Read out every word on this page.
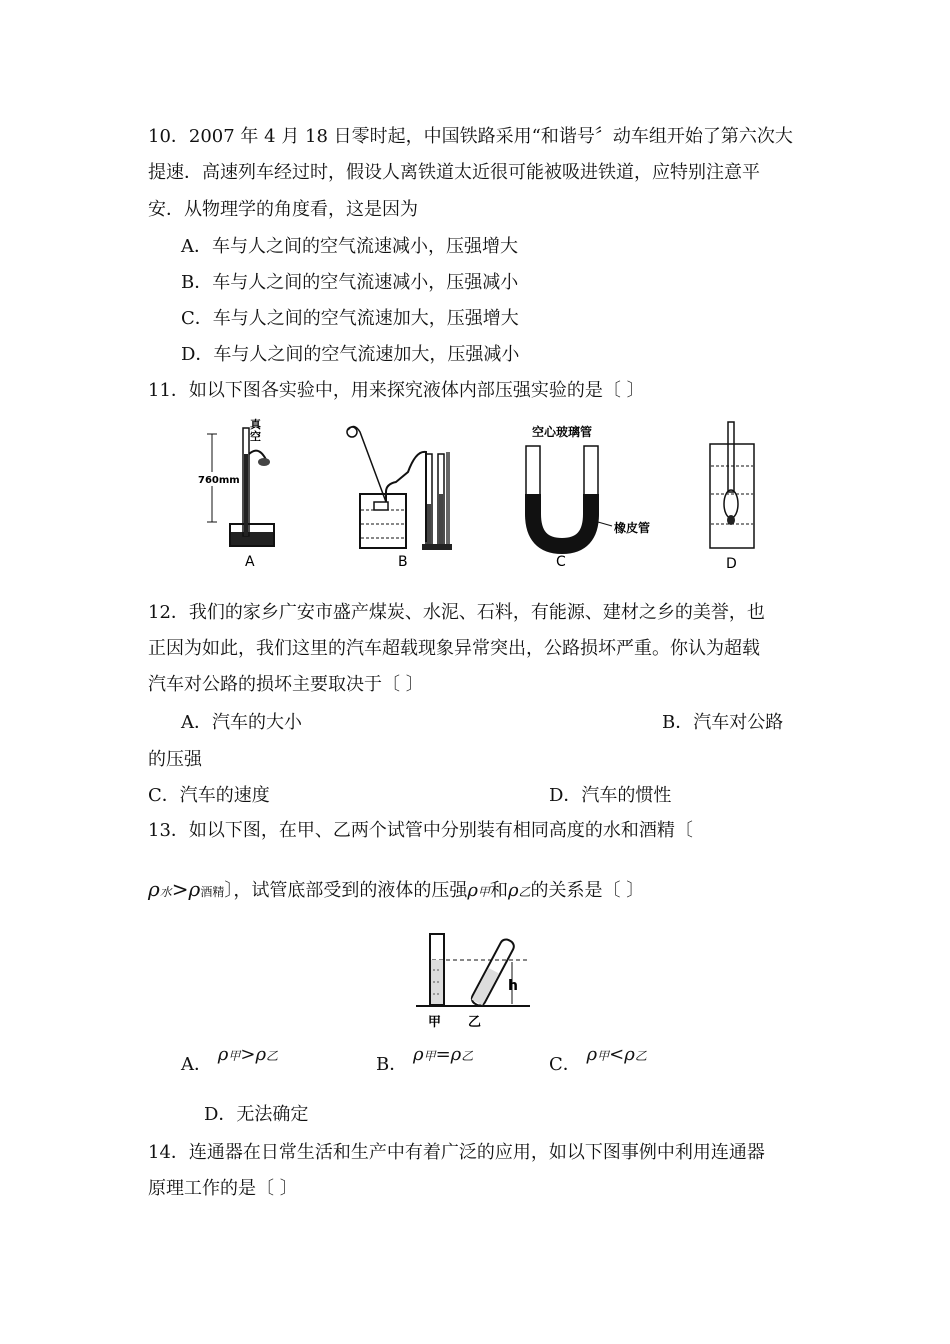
10．2007 年 4 月 18 日零时起，中国铁路采用“和谐号〞动车组开始了第六次大
提速．高速列车经过时，假设人离铁道太近很可能被吸进铁道，应特别注意平
安．从物理学的角度看，这是因为
A．车与人之间的空气流速减小，压强增大
B．车与人之间的空气流速减小，压强减小
C．车与人之间的空气流速加大，压强增大
D．车与人之间的空气流速加大，压强减小
11．如以下图各实验中，用来探究液体内部压强实验的是〔 〕
真
空
760mm
A	B
空心玻璃管
橡皮管
C	D
12．我们的家乡广安市盛产煤炭、水泥、石料，有能源、建材之乡的美誉，也
正因为如此，我们这里的汽车超载现象异常突出，公路损坏严重。你认为超载
汽车对公路的损坏主要取决于〔 〕
A．汽车的大小	B．汽车对公路
的压强
C．汽车的速度	D．汽车的惯性
13．如以下图，在甲、乙两个试管中分别装有相同高度的水和酒精〔
ρ水>ρ酒精〕，试管底部受到的液体的压强ρ甲和ρ乙的关系是〔 〕
h
甲 乙
A． ρ甲>ρ乙	B． ρ甲=ρ乙	C． ρ甲<ρ乙
D．无法确定
14．连通器在日常生活和生产中有着广泛的应用，如以下图事例中利用连通器
原理工作的是〔 〕
